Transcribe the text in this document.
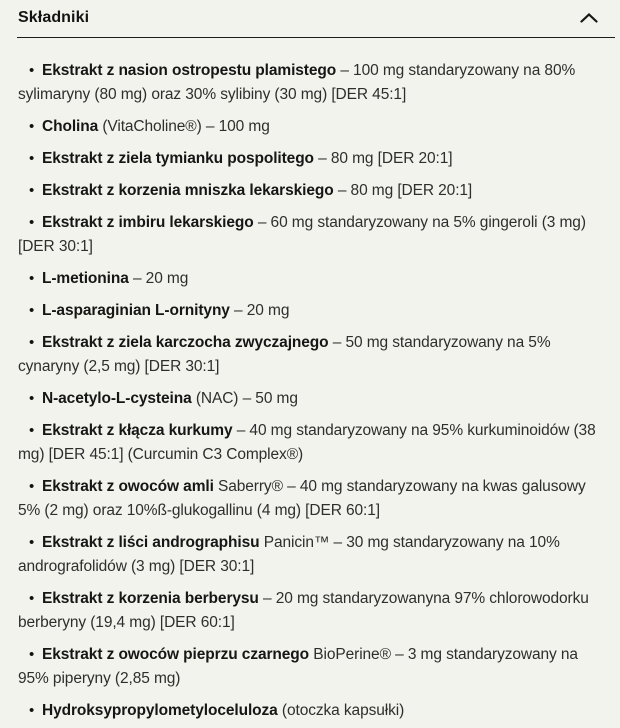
Składniki
• Ekstrakt z nasion ostropestu plamistego – 100 mg standaryzowany na 80% sylimaryny (80 mg) oraz 30% sylibiny (30 mg) [DER 45:1]
• Cholina (VitaCholine®) – 100 mg
• Ekstrakt z ziela tymianku pospolitego – 80 mg [DER 20:1]
• Ekstrakt z korzenia mniszka lekarskiego – 80 mg [DER 20:1]
• Ekstrakt z imbiru lekarskiego – 60 mg standaryzowany na 5% gingeroli (3 mg) [DER 30:1]
• L-metionina – 20 mg
• L-asparaginian L-ornityny – 20 mg
• Ekstrakt z ziela karczocha zwyczajnego – 50 mg standaryzowany na 5% cynaryny (2,5 mg) [DER 30:1]
• N-acetylo-L-cysteina (NAC) – 50 mg
• Ekstrakt z kłącza kurkumy – 40 mg standaryzowany na 95% kurkuminoidów (38 mg) [DER 45:1] (Curcumin C3 Complex®)
• Ekstrakt z owoców amli Saberry® – 40 mg standaryzowany na kwas galusowy 5% (2 mg) oraz 10%ß-glukogallinu (4 mg) [DER 60:1]
• Ekstrakt z liści andrographisu Panicin™ – 30 mg standaryzowany na 10% andrografolidów (3 mg) [DER 30:1]
• Ekstrakt z korzenia berberysu – 20 mg standaryzowanyna 97% chlorowodorku berberyny (19,4 mg) [DER 60:1]
• Ekstrakt z owoców pieprzu czarnego BioPerine® – 3 mg standaryzowany na 95% piperyny (2,85 mg)
• Hydroksypropylometyloceluloza (otoczka kapsułki)
